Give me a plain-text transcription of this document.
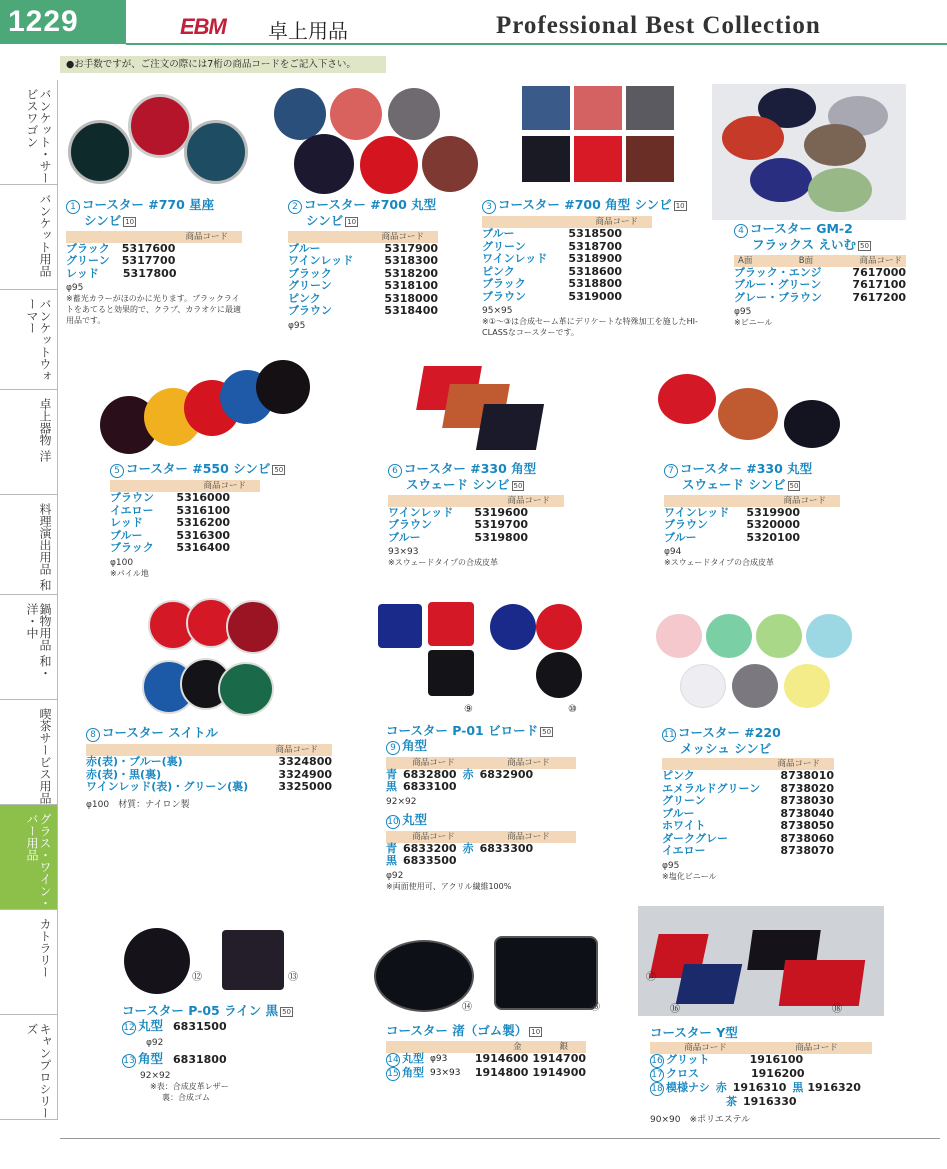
1229	EBM 卓上用品	Professional Best Collection
●お手数ですが、ご注文の際には7桁の商品コードをご記入下さい。
バンケット・サービスワゴン
バンケット用品
バンケットウォーマー
卓上器物 洋
料理演出用品 和
鍋物用品 和・洋・中
喫茶サービス用品
グラス・ワイン・バー用品
カトラリー
キャンプロシリーズ
1 コースター #770 星座
シンビ 10
商品コード
ブラック 5317600
グリーン 5317700
レッド 5317800
φ95
※蓄光カラーがほのかに光ります。ブラックライトをあてると効果的で、クラブ、カラオケに最適用品です。
2 コースター #700 丸型
シンビ 10
商品コード
ブルー	5317900
ワインレッド	5318300
ブラック	5318200
グリーン	5318100
ピンク	5318000
ブラウン	5318400
φ95
3 コースター #700 角型 シンビ 10
商品コード
ブルー	5318500
グリーン	5318700
ワインレッド 5318900
ピンク	5318600
ブラック	5318800
ブラウン	5319000
95×95
※①～③は合成セーム革にデリケートな特殊加工を施したHI-CLASSなコースターです。
4 コースター GM-2
フラックス えいむ 50
A面	B面	商品コード
ブラック・エンジ	7617000
ブルー・グリーン	7617100
グレー・ブラウン	7617200
φ95
※ビニール
5 コースター #550 シンビ 50
商品コード
ブラウン 5316000
イエロー 5316100
レッド	5316200
ブルー	5316300
ブラック 5316400
φ100
※パイル地
6 コースター #330 角型
スウェード シンビ 50
商品コード
ワインレッド 5319600
ブラウン	5319700
ブルー	5319800
93×93
※スウェードタイプの合成皮革
7 コースター #330 丸型
スウェード シンビ 50
商品コード
ワインレッド 5319900
ブラウン	5320000
ブルー	5320100
φ94
※スウェードタイプの合成皮革
⑨	⑩
8 コースター スイトル
商品コード
赤(表)・ブルー(裏)	3324800
赤(表)・黒(裏)	3324900
ワインレッド(表)・グリーン(裏)	3325000
φ100　材質：ナイロン製
コースター P-01 ビロード 50
9 角型
商品コード	商品コード
青 6832800 赤 6832900
黒 6833100
92×92
10 丸型
商品コード	商品コード
青 6833200 赤 6833300
黒 6833500
φ92
※両面使用可、アクリル繊維100%
11 コースター #220
メッシュ シンビ
商品コード
ピンク	8738010
エメラルドグリーン 8738020
グリーン	8738030
ブルー	8738040
ホワイト	8738050
ダークグレー	8738060
イエロー	8738070
φ95
※塩化ビニール
⑫	⑬
⑭	⑮
⑰
⑯	⑱
コースター P-05 ライン 黒 50
12 丸型 6831500
φ92
13 角型 6831800
92×92
※表：合成皮革レザー
裏：合成ゴム
コースター 渚（ゴム製） 10
金	銀
14 丸型 φ93 1914600 1914700
15 角型 93×93 1914800 1914900
コースター Y型
商品コード	商品コード
16 グリット	1916100
17 クロス	1916200
18 模様ナシ 赤 1916310 黒 1916320
茶 1916330
90×90　※ポリエステル
